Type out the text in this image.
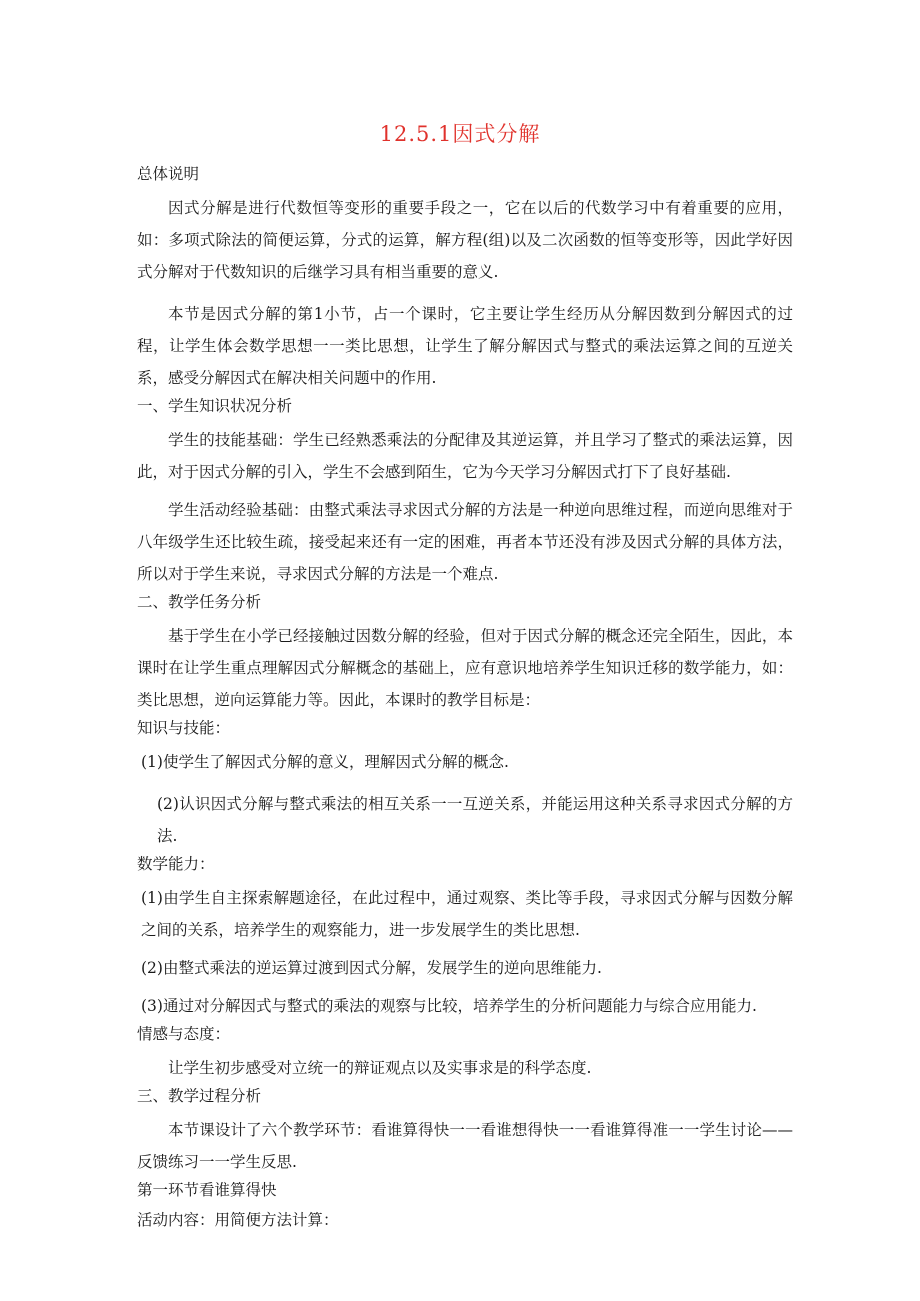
12.5.1因式分解

总体说明

因式分解是进行代数恒等变形的重要手段之一，它在以后的代数学习中有着重要的应用，如：多项式除法的简便运算，分式的运算，解方程(组)以及二次函数的恒等变形等，因此学好因式分解对于代数知识的后继学习具有相当重要的意义.

本节是因式分解的第1小节，占一个课时，它主要让学生经历从分解因数到分解因式的过程，让学生体会数学思想一一类比思想，让学生了解分解因式与整式的乘法运算之间的互逆关系，感受分解因式在解决相关问题中的作用.

一、学生知识状况分析

学生的技能基础：学生已经熟悉乘法的分配律及其逆运算，并且学习了整式的乘法运算，因此，对于因式分解的引入，学生不会感到陌生，它为今天学习分解因式打下了良好基础.

学生活动经验基础：由整式乘法寻求因式分解的方法是一种逆向思维过程，而逆向思维对于八年级学生还比较生疏，接受起来还有一定的困难，再者本节还没有涉及因式分解的具体方法，所以对于学生来说，寻求因式分解的方法是一个难点.

二、教学任务分析

基于学生在小学已经接触过因数分解的经验，但对于因式分解的概念还完全陌生，因此，本课时在让学生重点理解因式分解概念的基础上，应有意识地培养学生知识迁移的数学能力，如：类比思想，逆向运算能力等。因此，本课时的教学目标是：

知识与技能：

(1)使学生了解因式分解的意义，理解因式分解的概念.

(2)认识因式分解与整式乘法的相互关系一一互逆关系，并能运用这种关系寻求因式分解的方法.

数学能力：

(1)由学生自主探索解题途径，在此过程中，通过观察、类比等手段，寻求因式分解与因数分解之间的关系，培养学生的观察能力，进一步发展学生的类比思想.

(2)由整式乘法的逆运算过渡到因式分解，发展学生的逆向思维能力.

(3)通过对分解因式与整式的乘法的观察与比较，培养学生的分析问题能力与综合应用能力.

情感与态度：

让学生初步感受对立统一的辩证观点以及实事求是的科学态度.

三、教学过程分析

本节课设计了六个教学环节：看谁算得快一一看谁想得快一一看谁算得准一一学生讨论——反馈练习一一学生反思.

第一环节看谁算得快

活动内容：用简便方法计算：
